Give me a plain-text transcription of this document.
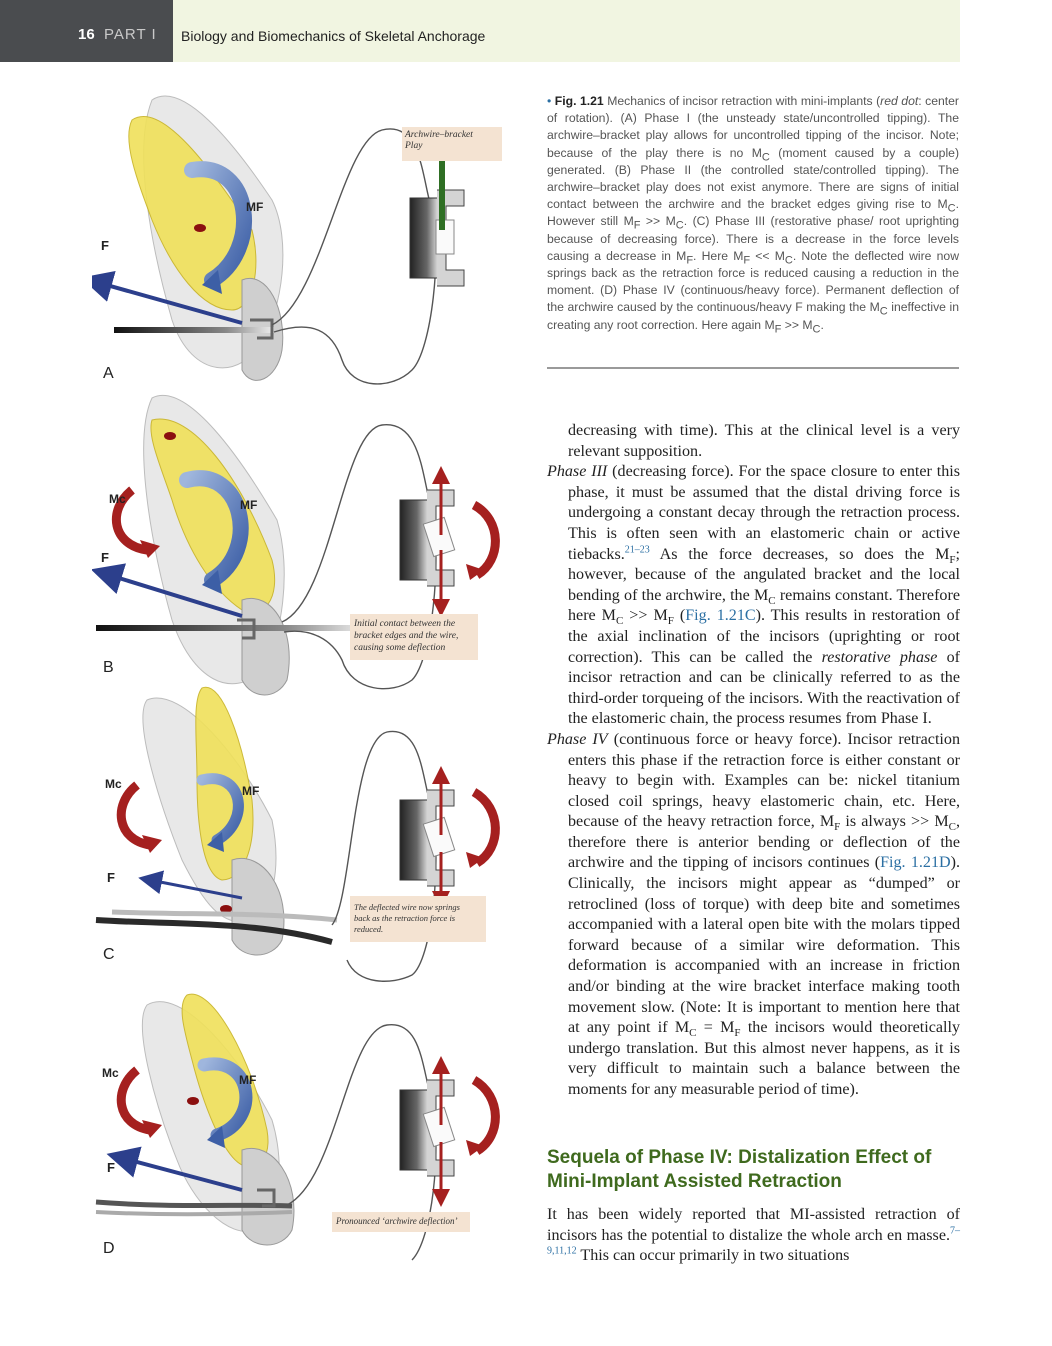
16 PART I Biology and Biomechanics of Skeletal Anchorage
A
B
C
D
F
F
F
F
MF
MF
MF
MF
Mc
Mc
Mc
Archwire–bracket
Play
Initial contact between the
bracket edges and the wire,
causing some deflection
The deflected wire now springs
back as the retraction force is
reduced.
Pronounced ‘archwire deflection’
• Fig. 1.21 Mechanics of incisor retraction with mini-implants (red dot: center of rotation). (A) Phase I (the unsteady state/uncontrolled tipping). The archwire–bracket play allows for uncontrolled tipping of the incisor. Note; because of the play there is no $M_C$ (moment caused by a couple) generated. (B) Phase II (the controlled state/controlled tipping). The archwire–bracket play does not exist anymore. There are signs of initial contact between the archwire and the bracket edges giving rise to $M_C$. However still $M_F >> M_C$. (C) Phase III (restorative phase/ root uprighting because of decreasing force). There is a decrease in the force levels causing a decrease in $M_F$. Here $M_F << M_C$. Note the deflected wire now springs back as the retraction force is reduced causing a reduction in the moment. (D) Phase IV (continuous/heavy force). Permanent deflection of the archwire caused by the continuous/heavy F making the $M_C$ ineffective in creating any root correction. Here again $M_F >> M_C$.

decreasing with time). This at the clinical level is a very relevant supposition.

Phase III (decreasing force). For the space closure to enter this phase, it must be assumed that the distal driving force is undergoing a constant decay through the retraction process. This is often seen with an elastomeric chain or active tiebacks.$^{21-23}$ As the force decreases, so does the $M_F$; however, because of the angulated bracket and the local bending of the archwire, the $M_C$ remains constant. Therefore here $M_C >> M_F$ (Fig. 1.21C). This results in restoration of the axial inclination of the incisors (uprighting or root correction). This can be called the restorative phase of incisor retraction and can be clinically referred to as the third-order torqueing of the incisors. With the reactivation of the elastomeric chain, the process resumes from Phase I.

Phase IV (continuous force or heavy force). Incisor retraction enters this phase if the retraction force is either constant or heavy to begin with. Examples can be: nickel titanium closed coil springs, heavy elastomeric chain, etc. Here, because of the heavy retraction force, $M_F$ is always >> $M_C$, therefore there is anterior bending or deflection of the archwire and the tipping of incisors continues (Fig. 1.21D). Clinically, the incisors might appear as “dumped” or retroclined (loss of torque) with deep bite and sometimes accompanied with a lateral open bite with the molars tipped forward because of a similar wire deformation. This deformation is accompanied with an increase in friction and/or binding at the wire bracket interface making tooth movement slow. (Note: It is important to mention here that at any point if $M_C = M_F$ the incisors would theoretically undergo translation. But this almost never happens, as it is very difficult to maintain such a balance between the moments for any measurable period of time).

Sequela of Phase IV: Distalization Effect of Mini-Implant Assisted Retraction

It has been widely reported that MI-assisted retraction of incisors has the potential to distalize the whole arch en masse.$^{7-9,11,12}$ This can occur primarily in two situations
